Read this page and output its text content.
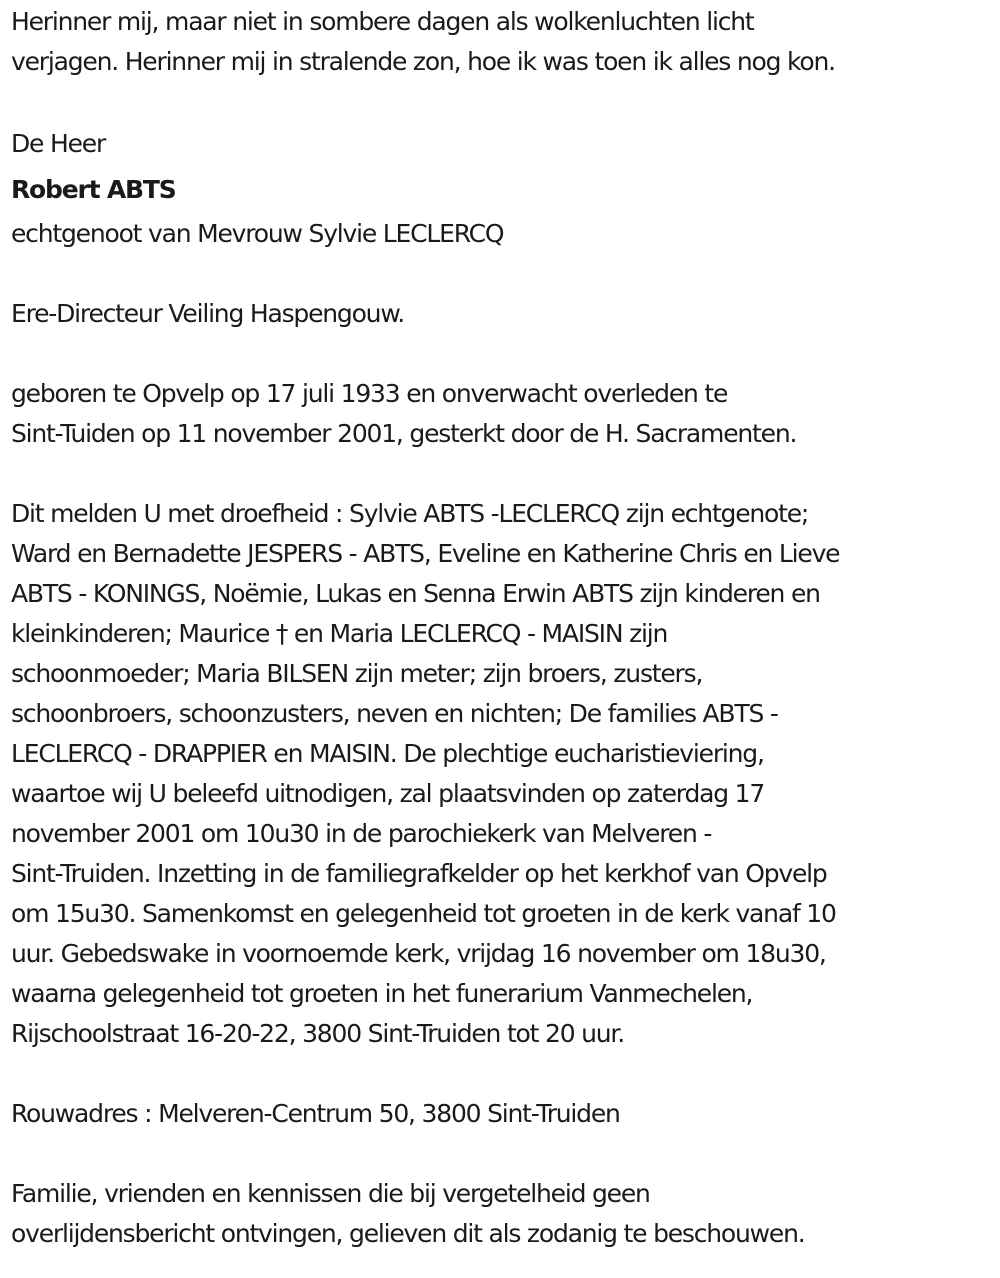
Herinner mij, maar niet in sombere dagen als wolkenluchten licht
verjagen. Herinner mij in stralende zon, hoe ik was toen ik alles nog kon.
De Heer
Robert ABTS
echtgenoot van Mevrouw Sylvie LECLERCQ
Ere-Directeur Veiling Haspengouw.
geboren te Opvelp op 17 juli 1933 en onverwacht overleden te
Sint-Tuiden op 11 november 2001, gesterkt door de H. Sacramenten.
Dit melden U met droefheid : Sylvie ABTS -LECLERCQ zijn echtgenote;
Ward en Bernadette JESPERS - ABTS, Eveline en Katherine Chris en Lieve
ABTS - KONINGS, Noëmie, Lukas en Senna Erwin ABTS zijn kinderen en
kleinkinderen; Maurice † en Maria LECLERCQ - MAISIN zijn
schoonmoeder; Maria BILSEN zijn meter; zijn broers, zusters,
schoonbroers, schoonzusters, neven en nichten; De families ABTS -
LECLERCQ - DRAPPIER en MAISIN. De plechtige eucharistieviering,
waartoe wij U beleefd uitnodigen, zal plaatsvinden op zaterdag 17
november 2001 om 10u30 in de parochiekerk van Melveren -
Sint-Truiden. Inzetting in de familiegrafkelder op het kerkhof van Opvelp
om 15u30. Samenkomst en gelegenheid tot groeten in de kerk vanaf 10
uur. Gebedswake in voornoemde kerk, vrijdag 16 november om 18u30,
waarna gelegenheid tot groeten in het funerarium Vanmechelen,
Rijschoolstraat 16-20-22, 3800 Sint-Truiden tot 20 uur.
Rouwadres : Melveren-Centrum 50, 3800 Sint-Truiden
Familie, vrienden en kennissen die bij vergetelheid geen
overlijdensbericht ontvingen, gelieven dit als zodanig te beschouwen.
